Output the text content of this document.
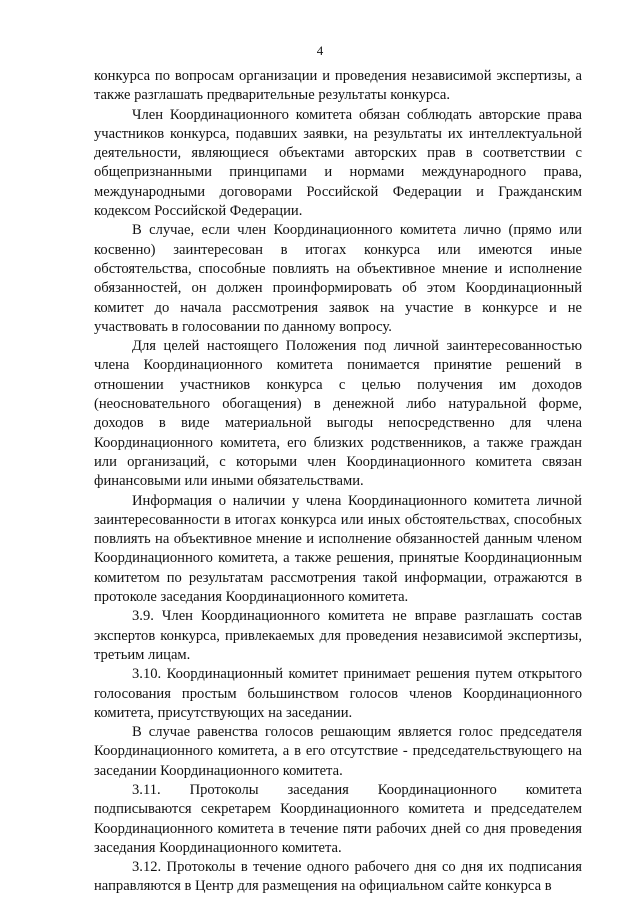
4

конкурса по вопросам организации и проведения независимой экспертизы, а также разглашать предварительные результаты конкурса.

Член Координационного комитета обязан соблюдать авторские права участников конкурса, подавших заявки, на результаты их интеллектуальной деятельности, являющиеся объектами авторских прав в соответствии с общепризнанными принципами и нормами международного права, международными договорами Российской Федерации и Гражданским кодексом Российской Федерации.

В случае, если член Координационного комитета лично (прямо или косвенно) заинтересован в итогах конкурса или имеются иные обстоятельства, способные повлиять на объективное мнение и исполнение обязанностей, он должен проинформировать об этом Координационный комитет до начала рассмотрения заявок на участие в конкурсе и не участвовать в голосовании по данному вопросу.

Для целей настоящего Положения под личной заинтересованностью члена Координационного комитета понимается принятие решений в отношении участников конкурса с целью получения им доходов (неосновательного обогащения) в денежной либо натуральной форме, доходов в виде материальной выгоды непосредственно для члена Координационного комитета, его близких родственников, а также граждан или организаций, с которыми член Координационного комитета связан финансовыми или иными обязательствами.

Информация о наличии у члена Координационного комитета личной заинтересованности в итогах конкурса или иных обстоятельствах, способных повлиять на объективное мнение и исполнение обязанностей данным членом Координационного комитета, а также решения, принятые Координационным комитетом по результатам рассмотрения такой информации, отражаются в протоколе заседания Координационного комитета.

3.9. Член Координационного комитета не вправе разглашать состав экспертов конкурса, привлекаемых для проведения независимой экспертизы, третьим лицам.

3.10. Координационный комитет принимает решения путем открытого голосования простым большинством голосов членов Координационного комитета, присутствующих на заседании.

В случае равенства голосов решающим является голос председателя Координационного комитета, а в его отсутствие - председательствующего на заседании Координационного комитета.

3.11. Протоколы заседания Координационного комитета подписываются секретарем Координационного комитета и председателем Координационного комитета в течение пяти рабочих дней со дня проведения заседания Координационного комитета.

3.12. Протоколы в течение одного рабочего дня со дня их подписания направляются в Центр для размещения на официальном сайте конкурса в
